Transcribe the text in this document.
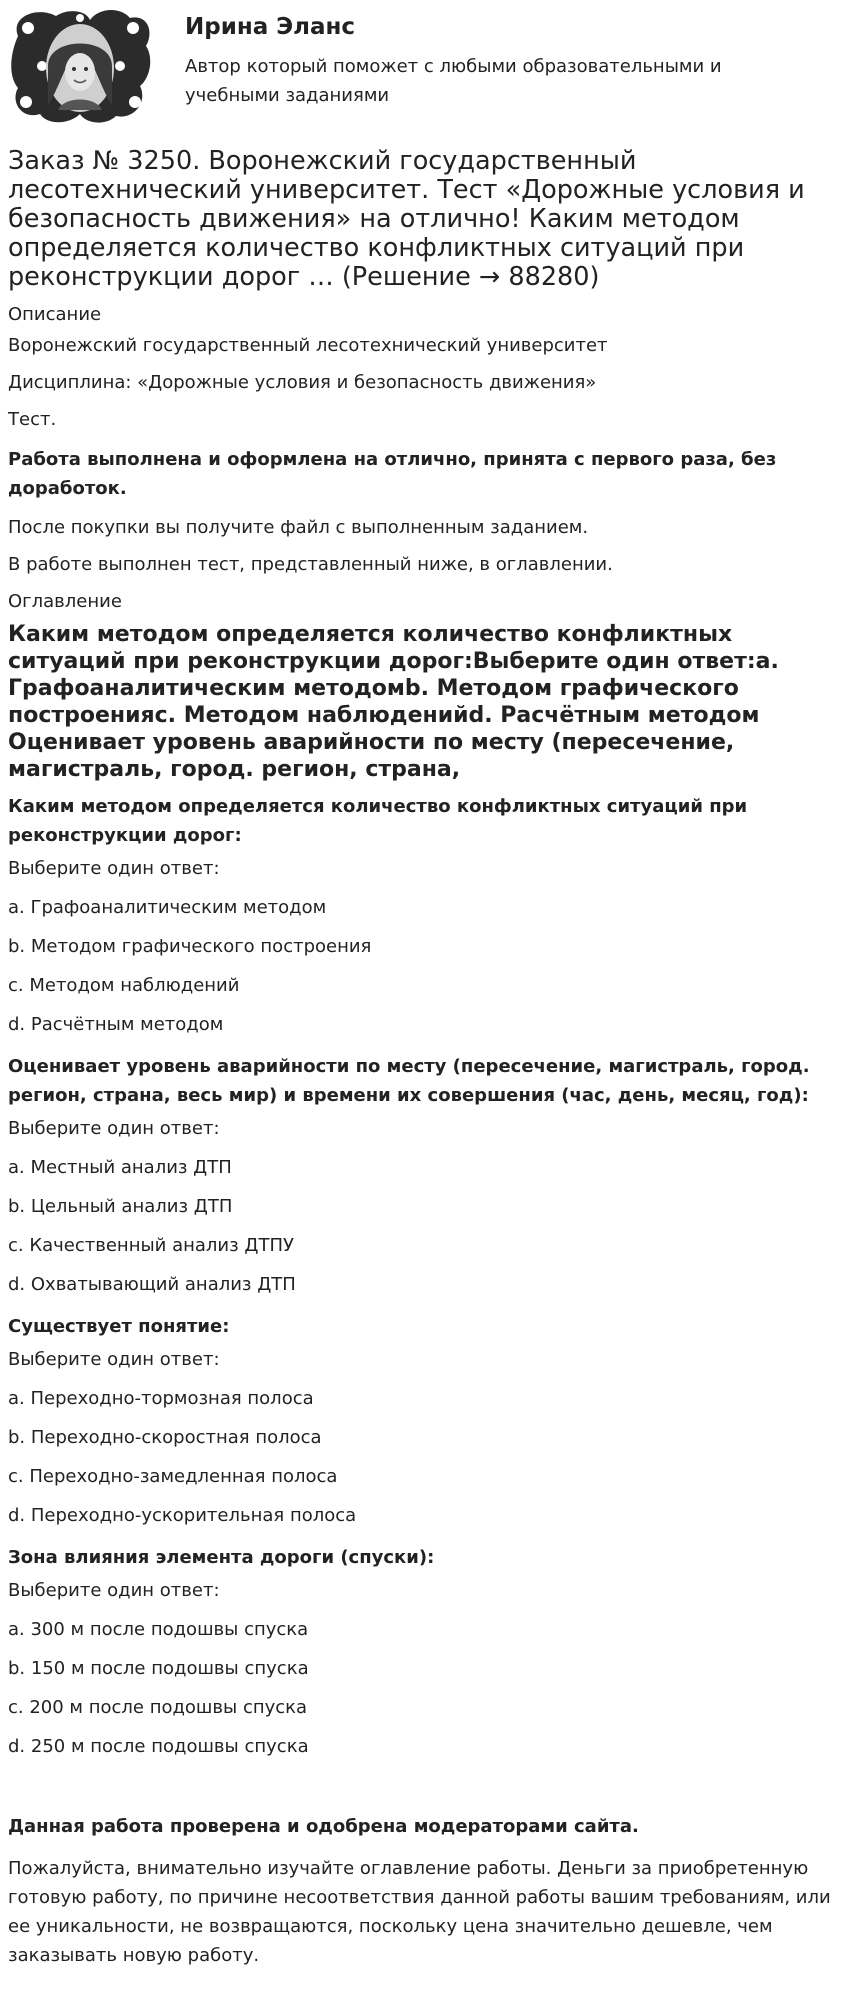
Ирина Эланс
Автор который поможет с любыми образовательными и учебными заданиями
Заказ № 3250. Воронежский государственный лесотехнический университет. Тест «Дорожные условия и безопасность движения» на отлично! Каким методом определяется количество конфликтных ситуаций при реконструкции дорог … (Решение → 88280)
Описание
Воронежский государственный лесотехнический университет
Дисциплина: «Дорожные условия и безопасность движения»
Тест.
Работа выполнена и оформлена на отлично, принята с первого раза, без доработок.
После покупки вы получите файл с выполненным заданием.
В работе выполнен тест, представленный ниже, в оглавлении.
Оглавление
Каким методом определяется количество конфликтных ситуаций при реконструкции дорог:Выберите один ответ:a. Графоаналитическим методомb. Методом графического построенияc. Методом наблюденийd. Расчётным методом Оценивает уровень аварийности по месту (пересечение, магистраль, город. регион, страна,
Каким методом определяется количество конфликтных ситуаций при реконструкции дорог:
Выберите один ответ:
a. Графоаналитическим методом
b. Методом графического построения
c. Методом наблюдений
d. Расчётным методом
Оценивает уровень аварийности по месту (пересечение, магистраль, город. регион, страна, весь мир) и времени их совершения (час, день, месяц, год):
Выберите один ответ:
a. Местный анализ ДТП
b. Цельный анализ ДТП
c. Качественный анализ ДТПУ
d. Охватывающий анализ ДТП
Существует понятие:
Выберите один ответ:
a. Переходно-тормозная полоса
b. Переходно-скоростная полоса
c. Переходно-замедленная полоса
d. Переходно-ускорительная полоса
Зона влияния элемента дороги (спуски):
Выберите один ответ:
a. 300 м после подошвы спуска
b. 150 м после подошвы спуска
c. 200 м после подошвы спуска
d. 250 м после подошвы спуска
Данная работа проверена и одобрена модераторами сайта.
Пожалуйста, внимательно изучайте оглавление работы. Деньги за приобретенную готовую работу, по причине несоответствия данной работы вашим требованиям, или ее уникальности, не возвращаются, поскольку цена значительно дешевле, чем заказывать новую работу.
